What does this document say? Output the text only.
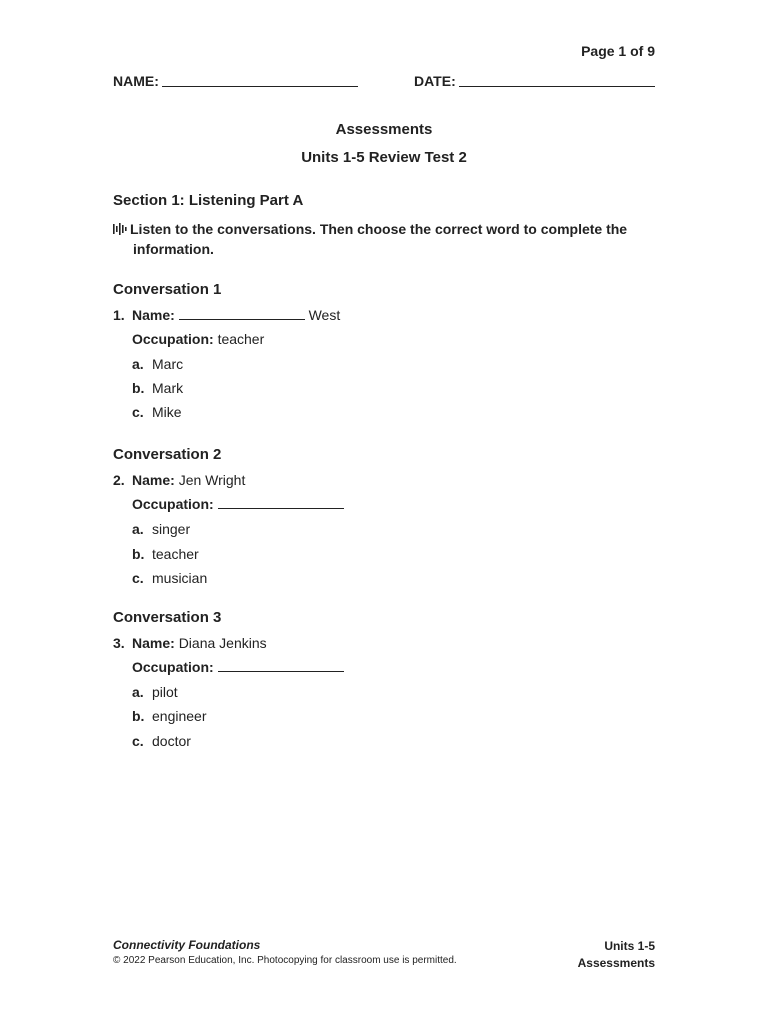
Page 1 of 9
NAME:	DATE:
Assessments
Units 1-5 Review Test 2
Section 1: Listening Part A
Listen to the conversations. Then choose the correct word to complete the
information.
Conversation 1
1. Name:	West
Occupation: teacher
a. Marc
b. Mark
c. Mike
Conversation 2
2. Name: Jen Wright
Occupation:
a. singer
b. teacher
c. musician
Conversation 3
3. Name: Diana Jenkins
Occupation:
a. pilot
b. engineer
c. doctor
Connectivity Foundations
© 2022 Pearson Education, Inc. Photocopying for classroom use is permitted.
Units 1-5
Assessments
